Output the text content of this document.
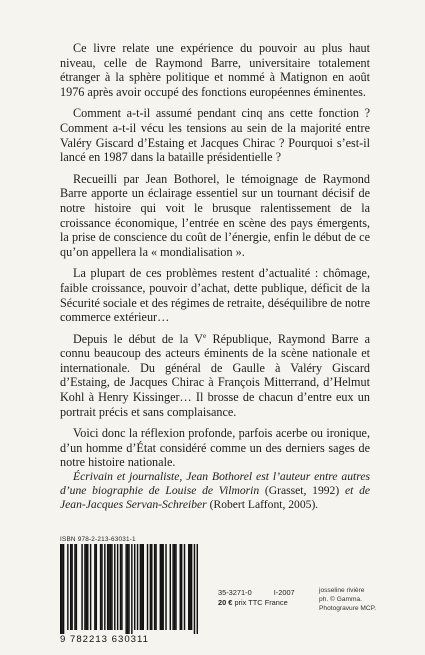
Ce livre relate une expérience du pouvoir au plus haut niveau, celle de Raymond Barre, universitaire totalement étranger à la sphère politique et nommé à Matignon en août 1976 après avoir occupé des fonctions européennes éminentes.

Comment a-t-il assumé pendant cinq ans cette fonction ? Comment a-t-il vécu les tensions au sein de la majorité entre Valéry Giscard d’Estaing et Jacques Chirac ? Pourquoi s’est-il lancé en 1987 dans la bataille présidentielle ?

Recueilli par Jean Bothorel, le témoignage de Raymond Barre apporte un éclairage essentiel sur un tournant décisif de notre histoire qui voit le brusque ralentissement de la croissance économique, l’entrée en scène des pays émergents, la prise de conscience du coût de l’énergie, enfin le début de ce qu’on appellera la « mondialisation ».

La plupart de ces problèmes restent d’actualité : chômage, faible croissance, pouvoir d’achat, dette publique, déficit de la Sécurité sociale et des régimes de retraite, déséquilibre de notre commerce extérieur…

Depuis le début de la Ve République, Raymond Barre a connu beaucoup des acteurs éminents de la scène nationale et internationale. Du général de Gaulle à Valéry Giscard d’Estaing, de Jacques Chirac à François Mitterrand, d’Helmut Kohl à Henry Kissinger… Il brosse de chacun d’entre eux un portrait précis et sans complaisance.

Voici donc la réflexion profonde, parfois acerbe ou ironique, d’un homme d’État considéré comme un des derniers sages de notre histoire nationale.

Écrivain et journaliste, Jean Bothorel est l’auteur entre autres d’une biographie de Louise de Vilmorin (Grasset, 1992) et de Jean-Jacques Servan-Schreiber (Robert Laffont, 2005).

ISBN 978-2-213-63031-1
9 782213 630311
35-3271-0	I-2007
20 € prix TTC France
josseline rivière
ph. © Gamma.
Photogravure MCP.
